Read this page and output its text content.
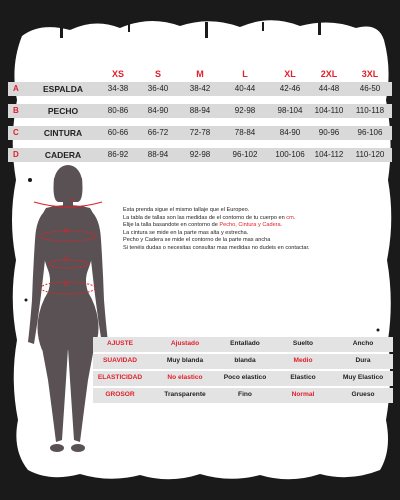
XS	S	M	L	XL	2XL	3XL
A	ESPALDA	34-38 36-40	38-42	40-44	42-46 44-48	46-50
B	PECHO	80-86 84-90	88-94	92-98	98-104 104-110 110-118
C	CINTURA	60-66 66-72	72-78	78-84	84-90 90-96 96-106
D	CADERA	86-92 88-94	92-98	96-102 100-106 104-112 110-120
A
B
C
D
Esta prenda sigue el mismo tallaje que el Europeo.
La tabla de tallas son las medidas de el contorno de tu cuerpo en cm.
Elije la talla basandote en contorno de Pecho, Cintura y Cadera.
La cintura se mide en la parte mas alta y estrecha.
Pecho y Cadera se mide el contorno de la parte mas ancha
Si tenéis dudas o necesitas consultar mas medidas no dudeis en contactar.
AJUSTE	Ajustado	Entallado	Suelto	Ancho
SUAVIDAD	Muy blanda	blanda	Medio	Dura
ELASTICIDAD	No elastico	Poco elastico	Elastico	Muy Elastico
GROSOR	Transparente	Fino	Normal	Grueso
